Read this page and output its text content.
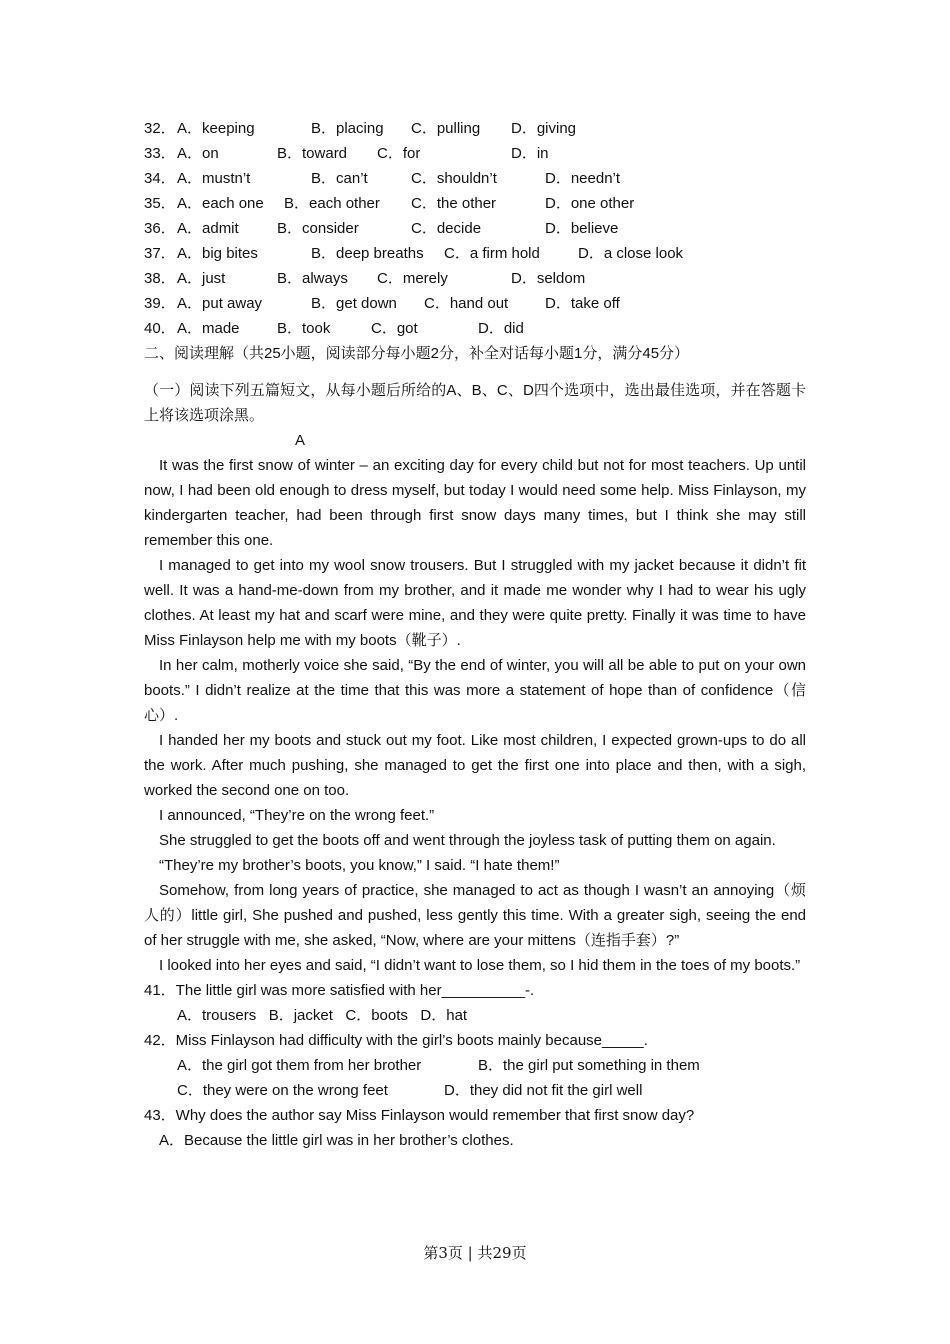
32． A．keeping	B．placing C．pulling D．giving
33． A．on	B．toward C．for	D．in
34． A．mustn’t	B．can’t	C．shouldn’t	D．needn’t
35． A．each one B．each other C．the other	D．one other
36． A．admit	B．consider	C．decide	D．believe
37． A．big bites	B．deep breaths C．a firm hold	D．a close look
38． A．just	B．always C．merely	D．seldom
39． A．put away	B．get down C．hand out D．take off
40． A．made B．took	C．got	D．did
二、阅读理解（共25小题，阅读部分每小题2分，补全对话每小题1分，满分45分）
（一）阅读下列五篇短文，从每小题后所给的A、B、C、D四个选项中，选出最佳选项，并在答题卡上将该选项涂黑。
A
It was the first snow of winter – an exciting day for every child but not for most teachers. Up until now, I had been old enough to dress myself, but today I would need some help. Miss Finlayson, my kindergarten teacher, had been through first snow days many times, but I think she may still remember this one.
I managed to get into my wool snow trousers. But I struggled with my jacket because it didn’t fit well. It was a hand-me-down from my brother, and it made me wonder why I had to wear his ugly clothes. At least my hat and scarf were mine, and they were quite pretty. Finally it was time to have Miss Finlayson help me with my boots（靴子）.
In her calm, motherly voice she said, “By the end of winter, you will all be able to put on your own boots.” I didn’t realize at the time that this was more a statement of hope than of confidence（信心）.
I handed her my boots and stuck out my foot. Like most children, I expected grown-ups to do all the work. After much pushing, she managed to get the first one into place and then, with a sigh, worked the second one on too.
I announced, “They’re on the wrong feet.”
She struggled to get the boots off and went through the joyless task of putting them on again.
“They’re my brother’s boots, you know,” I said. “I hate them!”
Somehow, from long years of practice, she managed to act as though I wasn’t an annoying（烦人的）little girl, She pushed and pushed, less gently this time. With a greater sigh, seeing the end of her struggle with me, she asked, “Now, where are your mittens（连指手套）?”
I looked into her eyes and said, “I didn’t want to lose them, so I hid them in the toes of my boots.”
41．The little girl was more satisfied with her__________-.
A．trousers   B．jacket   C．boots   D．hat
42．Miss Finlayson had difficulty with the girl’s boots mainly because_____.
A．the girl got them from her brother	B．the girl put something in them
C．they were on the wrong feet	D．they did not fit the girl well
43．Why does the author say Miss Finlayson would remember that first snow day?
A．Because the little girl was in her brother’s clothes.
第3页 | 共29页
